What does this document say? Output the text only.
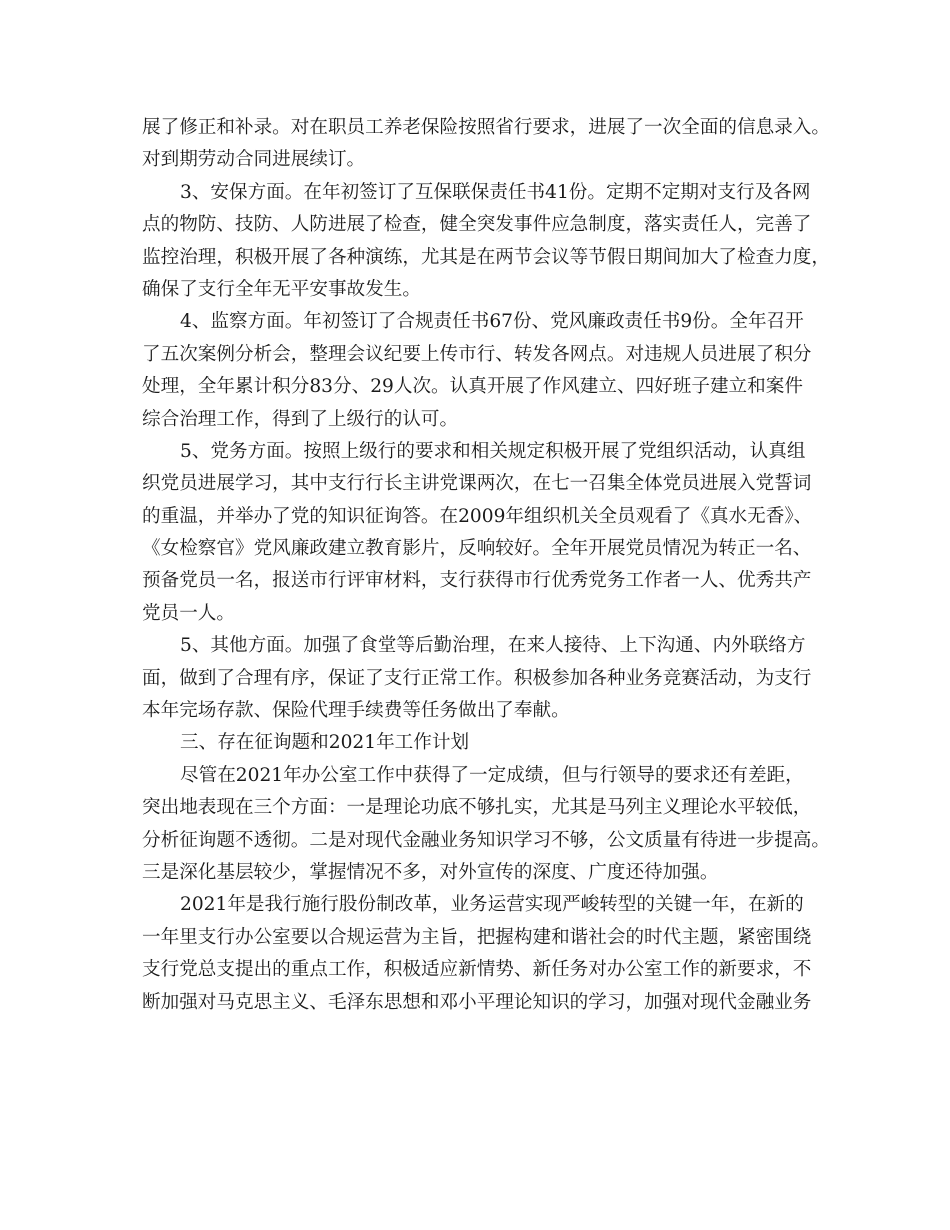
展了修正和补录。对在职员工养老保险按照省行要求，进展了一次全面的信息录入。
对到期劳动合同进展续订。
3、安保方面。在年初签订了互保联保责任书41份。定期不定期对支行及各网
点的物防、技防、人防进展了检查，健全突发事件应急制度，落实责任人，完善了
监控治理，积极开展了各种演练，尤其是在两节会议等节假日期间加大了检查力度，
确保了支行全年无平安事故发生。
4、监察方面。年初签订了合规责任书67份、党风廉政责任书9份。全年召开
了五次案例分析会，整理会议纪要上传市行、转发各网点。对违规人员进展了积分
处理，全年累计积分83分、29人次。认真开展了作风建立、四好班子建立和案件
综合治理工作，得到了上级行的认可。
5、党务方面。按照上级行的要求和相关规定积极开展了党组织活动，认真组
织党员进展学习，其中支行行长主讲党课两次，在七一召集全体党员进展入党誓词
的重温，并举办了党的知识征询答。在2009年组织机关全员观看了《真水无香》、
《女检察官》党风廉政建立教育影片，反响较好。全年开展党员情况为转正一名、
预备党员一名，报送市行评审材料，支行获得市行优秀党务工作者一人、优秀共产
党员一人。
5、其他方面。加强了食堂等后勤治理，在来人接待、上下沟通、内外联络方
面，做到了合理有序，保证了支行正常工作。积极参加各种业务竞赛活动，为支行
本年完场存款、保险代理手续费等任务做出了奉献。
三、存在征询题和2021年工作计划
尽管在2021年办公室工作中获得了一定成绩，但与行领导的要求还有差距，
突出地表现在三个方面：一是理论功底不够扎实，尤其是马列主义理论水平较低，
分析征询题不透彻。二是对现代金融业务知识学习不够，公文质量有待进一步提高。
三是深化基层较少，掌握情况不多，对外宣传的深度、广度还待加强。
2021年是我行施行股份制改革，业务运营实现严峻转型的关键一年，在新的
一年里支行办公室要以合规运营为主旨，把握构建和谐社会的时代主题，紧密围绕
支行党总支提出的重点工作，积极适应新情势、新任务对办公室工作的新要求，不
断加强对马克思主义、毛泽东思想和邓小平理论知识的学习，加强对现代金融业务
